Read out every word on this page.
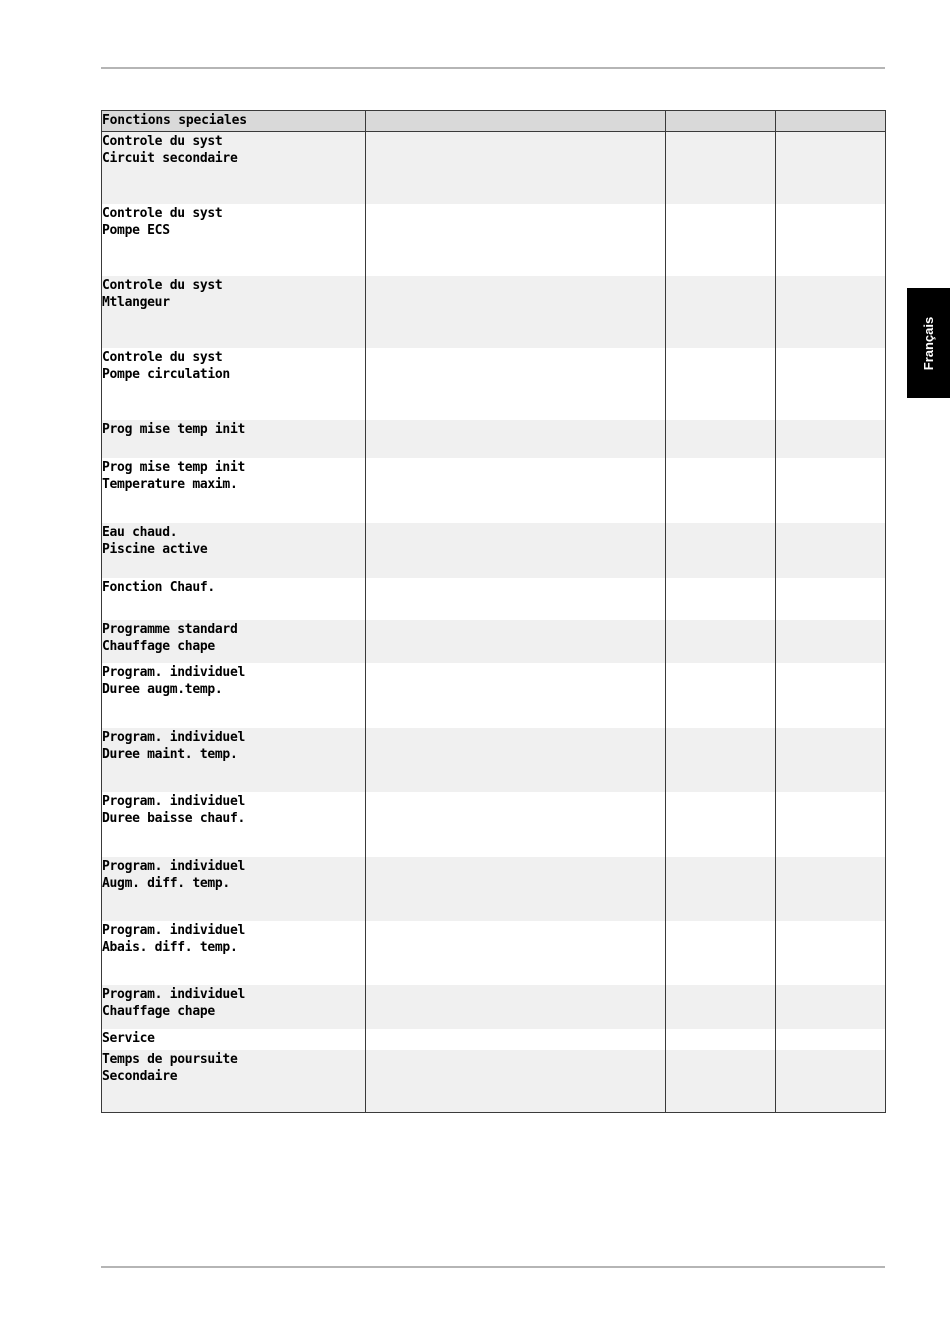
Français
Fonctions speciales			

Controle du syst
Circuit secondaire			

Controle du syst
Pompe ECS			

Controle du syst
Mtlangeur			

Controle du syst
Pompe circulation			

Prog mise temp init			

Prog mise temp init
Temperature maxim.			

Eau chaud.
Piscine active			

Fonction Chauf.			

Programme standard
Chauffage chape			

Program. individuel
Duree augm.temp.			

Program. individuel
Duree maint. temp.			

Program. individuel
Duree baisse chauf.			

Program. individuel
Augm. diff. temp.			

Program. individuel
Abais. diff. temp.			

Program. individuel
Chauffage chape			

Service			

Temps de poursuite
Secondaire			
